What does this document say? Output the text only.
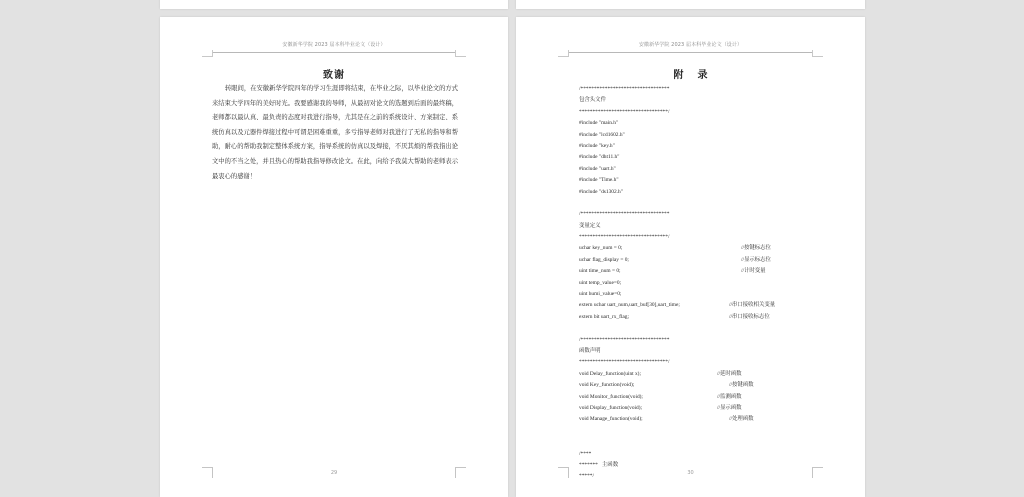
安徽新华学院 2023 届本科毕业论文（设计）
致谢
转眼间，在安徽新华学院四年的学习生涯即将结束，在毕业之际，以毕业论文的方式来结束大学四年的美好时光。我要感谢我的导师，从最初对论文的选题到后面的最终稿，老师都以最认真、最负责的态度对我进行指导，尤其是在之前的系统设计、方案制定、系统仿真以及元器件焊接过程中可谓是困难重重，多亏指导老师对我进行了无私的指导和帮助，耐心的帮助我制定整体系统方案，指导系统的仿真以及焊接，不厌其烦的帮我指出论文中的不当之处，并且热心的帮助我指导修改论文。在此，向给予我莫大帮助的老师表示最衷心的感谢！
29
安徽新华学院 2023 届本科毕业论文（设计）
附录
/*********************************
包含头文件
*********************************/
#include "main.h"
#include "lcd1602.h"
#include "key.h"
#include "dht11.h"
#include "uart.h"
#include "Time.h"
#include "ds1302.h"
/*********************************
变量定义
*********************************/
uchar key_num = 0;	//按键标志位
uchar flag_display = 0;	//显示标志位
uint time_num = 0;	//计时变量
uint temp_value=0;
uint humi_value=0;
extern uchar uart_num,uart_buf[30],uart_time;	//串口接收相关变量
extern bit uart_rx_flag;	//串口接收标志位
/*********************************
函数声明
*********************************/
void Delay_function(uint x);	//延时函数
void Key_function(void);	//按键函数
void Monitor_function(void);	//监测函数
void Display_function(void);	//显示函数
void Manage_function(void);	//处理函数
/****
*******   主函数
*****/
30
